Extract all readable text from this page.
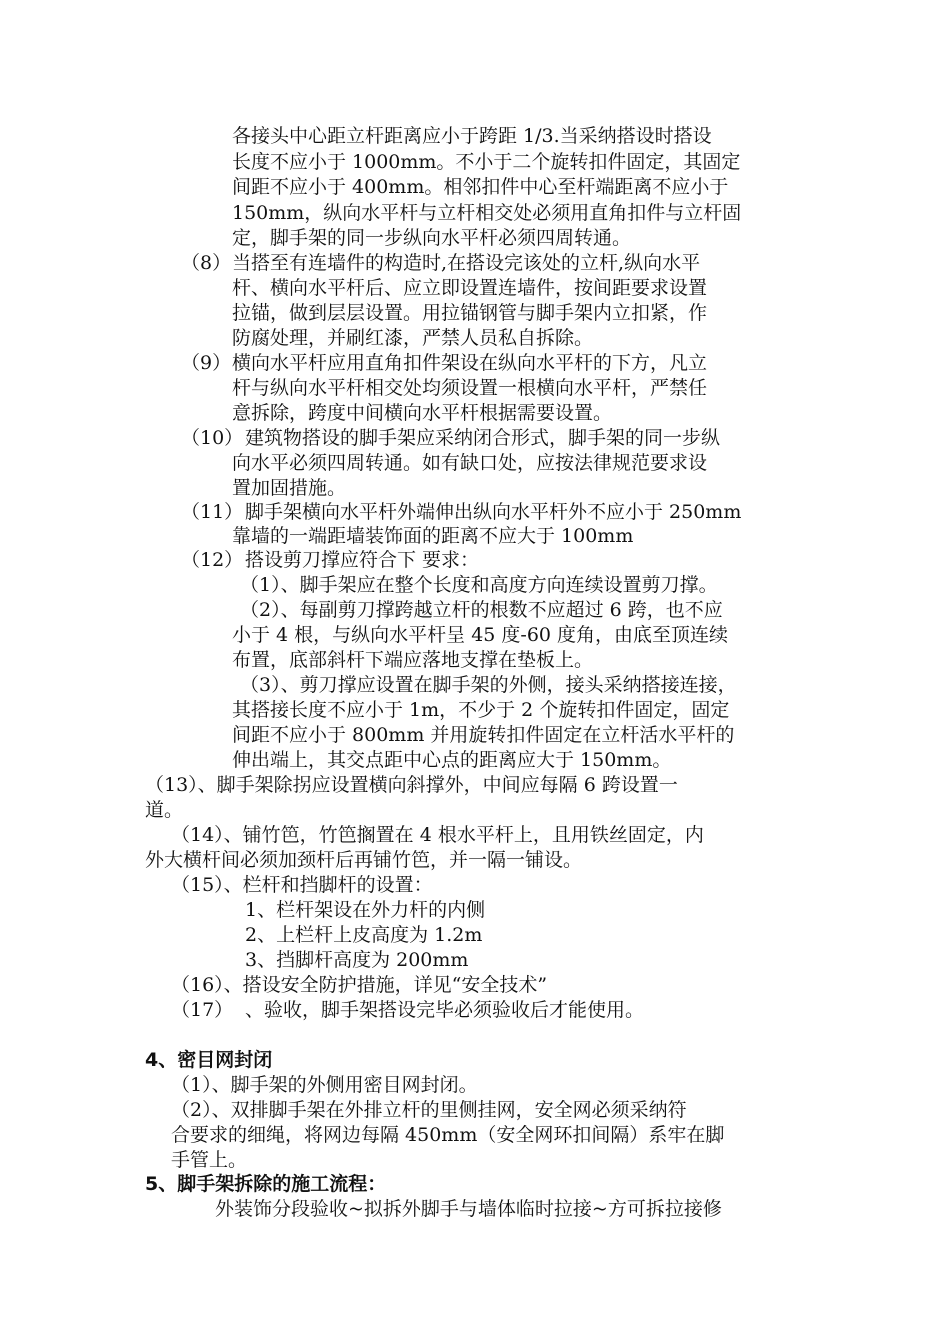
各接头中心距立杆距离应小于跨距 1/3.当采纳搭设时搭设
长度不应小于 1000mm。不小于二个旋转扣件固定，其固定
间距不应小于 400mm。相邻扣件中心至杆端距离不应小于
150mm，纵向水平杆与立杆相交处必须用直角扣件与立杆固
定，脚手架的同一步纵向水平杆必须四周转通。
（8） 当搭至有连墙件的构造时,在搭设完该处的立杆,纵向水平
杆、横向水平杆后、应立即设置连墙件，按间距要求设置
拉锚，做到层层设置。用拉锚钢管与脚手架内立扣紧，作
防腐处理，并刷红漆，严禁人员私自拆除。
（9） 横向水平杆应用直角扣件架设在纵向水平杆的下方，凡立
杆与纵向水平杆相交处均须设置一根横向水平杆，严禁任
意拆除，跨度中间横向水平杆根据需要设置。
（10） 建筑物搭设的脚手架应采纳闭合形式，脚手架的同一步纵
向水平必须四周转通。如有缺口处，应按法律规范要求设
置加固措施。
（11） 脚手架横向水平杆外端伸出纵向水平杆外不应小于 250mm
靠墙的一端距墙装饰面的距离不应大于 100mm
（12） 搭设剪刀撑应符合下 要求：
（1）、脚手架应在整个长度和高度方向连续设置剪刀撑。
（2）、每副剪刀撑跨越立杆的根数不应超过 6 跨，也不应
小于 4 根，与纵向水平杆呈 45 度-60 度角，由底至顶连续
布置，底部斜杆下端应落地支撑在垫板上。
（3）、剪刀撑应设置在脚手架的外侧，接头采纳搭接连接，
其搭接长度不应小于 1m，不少于 2 个旋转扣件固定，固定
间距不应小于 800mm 并用旋转扣件固定在立杆活水平杆的
伸出端上，其交点距中心点的距离应大于 150mm。
（13）、脚手架除拐应设置横向斜撑外，中间应每隔 6 跨设置一
道。
（14）、铺竹笆，竹笆搁置在 4 根水平杆上，且用铁丝固定，内
外大横杆间必须加颈杆后再铺竹笆，并一隔一铺设。
（15）、栏杆和挡脚杆的设置：
1、栏杆架设在外力杆的内侧
2、上栏杆上皮高度为 1.2m
3、挡脚杆高度为 200mm
（16）、搭设安全防护措施，详见“安全技术”
（17） 、验收，脚手架搭设完毕必须验收后才能使用。
4、密目网封闭
（1）、脚手架的外侧用密目网封闭。
（2）、双排脚手架在外排立杆的里侧挂网，安全网必须采纳符
合要求的细绳，将网边每隔 450mm（安全网环扣间隔）系牢在脚
手管上。
5、脚手架拆除的施工流程：
外装饰分段验收~拟拆外脚手与墙体临时拉接~方可拆拉接修
